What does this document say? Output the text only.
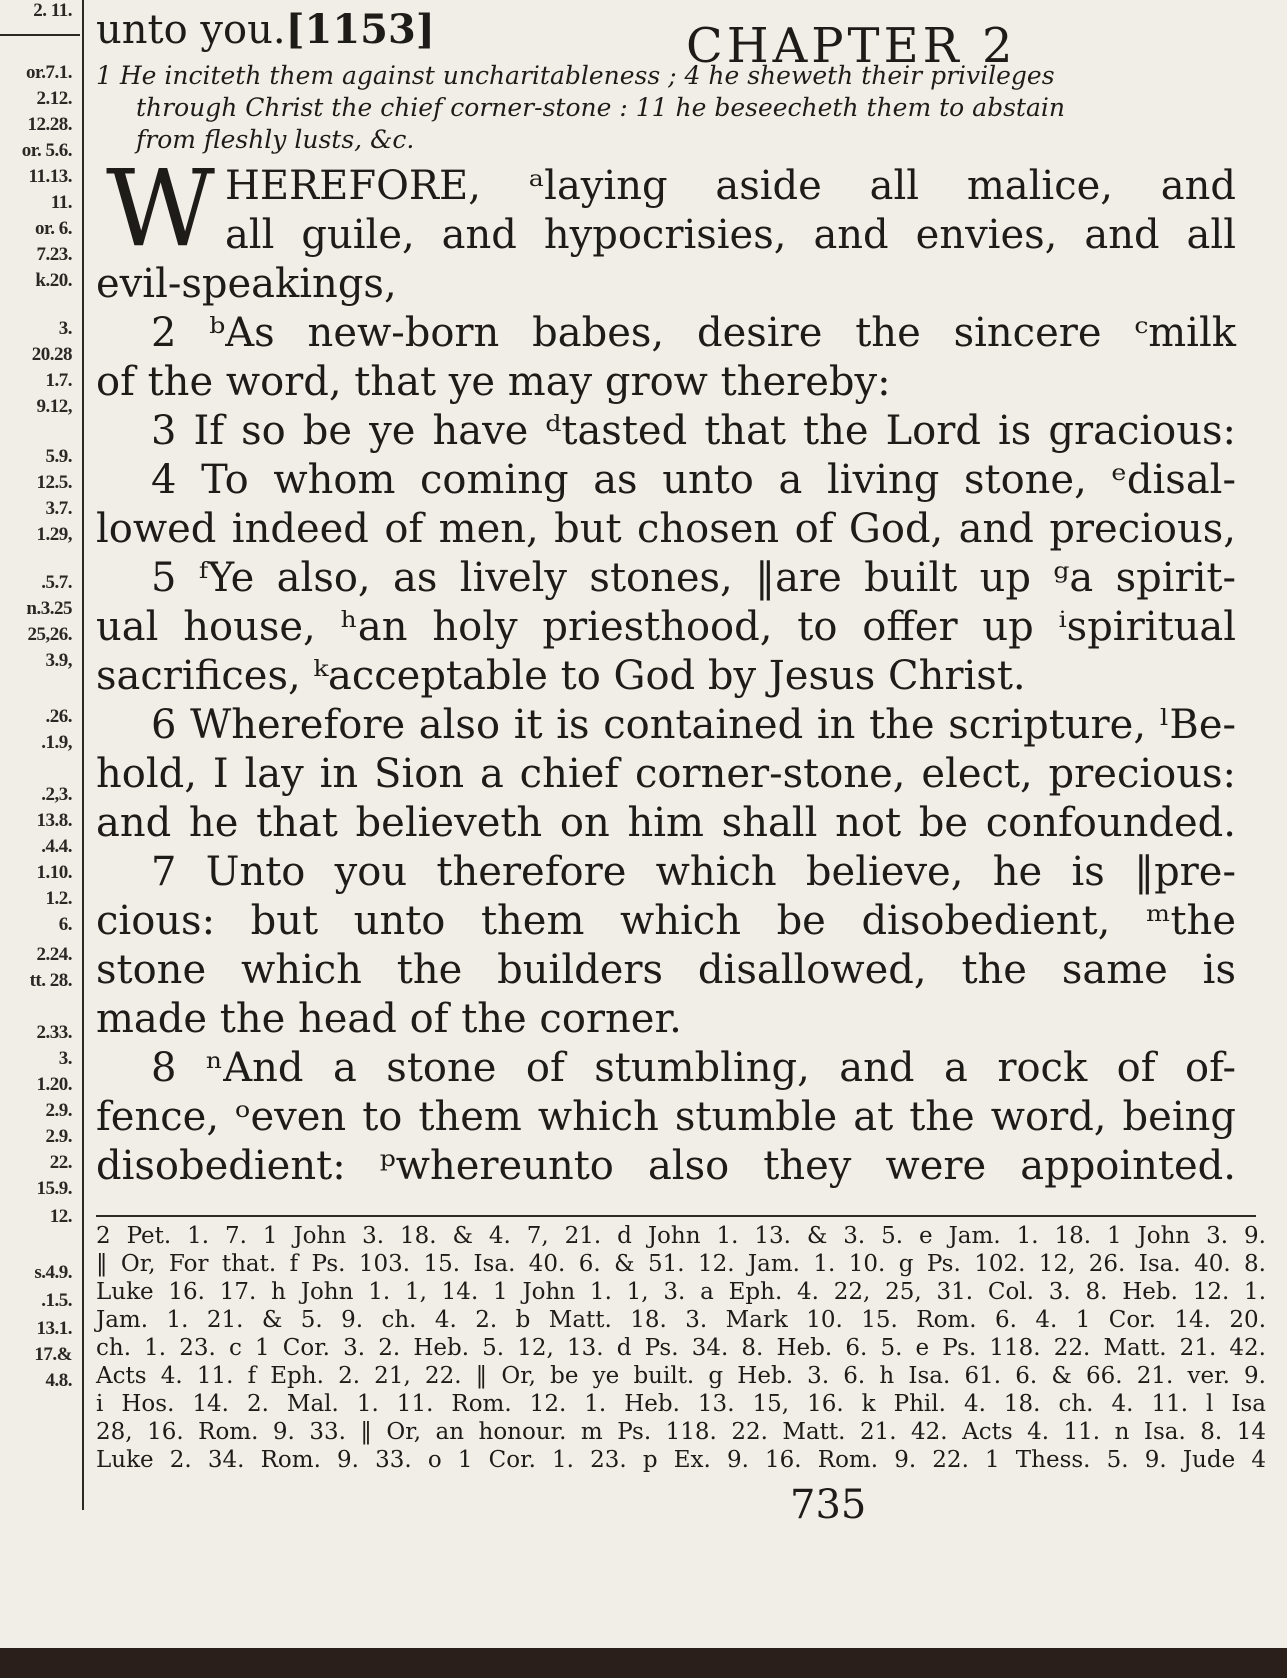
2. 11.
or.7.1.
2.12.
12.28.
or. 5.6.
11.13.
11.
or. 6.
7.23.
k.20.
3.
20.28
1.7.
9.12,
5.9.
12.5.
3.7.
1.29,
.5.7.
n.3.25
25,26.
3.9,
.26.
.1.9,
.2,3.
13.8.
.4.4.
1.10.
1.2.
6.
2.24.
tt. 28.
2.33.
3.
1.20.
2.9.
2.9.
22.
15.9.
12.
s.4.9.
.1.5.
13.1.
17.&
4.8.
unto you.[1153]	CHAPTER 2
1 He inciteth them against uncharitableness ; 4 he sheweth their privileges
through Christ the chief corner-stone : 11 he beseecheth them to abstain
from fleshly lusts, &c.
W HEREFORE, ᵃlaying aside all malice, and
all guile, and hypocrisies, and envies, and all
evil-speakings,
2 ᵇAs new-born babes, desire the sincere ᶜmilk
of the word, that ye may grow thereby:
3 If so be ye have ᵈtasted that the Lord is gracious:
4 To whom coming as unto a living stone, ᵉdisal-
lowed indeed of men, but chosen of God, and precious,
5 ᶠYe also, as lively stones, ‖are built up ᵍa spirit-
ual house, ʰan holy priesthood, to offer up ⁱspiritual
sacrifices, ᵏacceptable to God by Jesus Christ.
6 Wherefore also it is contained in the scripture, ˡBe-
hold, I lay in Sion a chief corner-stone, elect, precious:
and he that believeth on him shall not be confounded.
7 Unto you therefore which believe, he is ‖pre-
cious: but unto them which be disobedient, ᵐthe
stone which the builders disallowed, the same is
made the head of the corner.
8 ⁿAnd a stone of stumbling, and a rock of of-
fence, ᵒeven to them which stumble at the word, being
disobedient: ᵖwhereunto also they were appointed.
2 Pet. 1. 7. 1 John 3. 18. & 4. 7, 21. d John 1. 13. & 3. 5. e Jam. 1. 18. 1 John 3. 9.
‖ Or, For that. f Ps. 103. 15. Isa. 40. 6. & 51. 12. Jam. 1. 10. g Ps. 102. 12, 26. Isa. 40. 8.
Luke 16. 17. h John 1. 1, 14. 1 John 1. 1, 3. a Eph. 4. 22, 25, 31. Col. 3. 8. Heb. 12. 1.
Jam. 1. 21. & 5. 9. ch. 4. 2. b Matt. 18. 3. Mark 10. 15. Rom. 6. 4. 1 Cor. 14. 20.
ch. 1. 23. c 1 Cor. 3. 2. Heb. 5. 12, 13. d Ps. 34. 8. Heb. 6. 5. e Ps. 118. 22. Matt. 21. 42.
Acts 4. 11. f Eph. 2. 21, 22. ‖ Or, be ye built. g Heb. 3. 6. h Isa. 61. 6. & 66. 21. ver. 9.
i Hos. 14. 2. Mal. 1. 11. Rom. 12. 1. Heb. 13. 15, 16. k Phil. 4. 18. ch. 4. 11. l Isa
28, 16. Rom. 9. 33. ‖ Or, an honour. m Ps. 118. 22. Matt. 21. 42. Acts 4. 11. n Isa. 8. 14
Luke 2. 34. Rom. 9. 33. o 1 Cor. 1. 23. p Ex. 9. 16. Rom. 9. 22. 1 Thess. 5. 9. Jude 4
735
